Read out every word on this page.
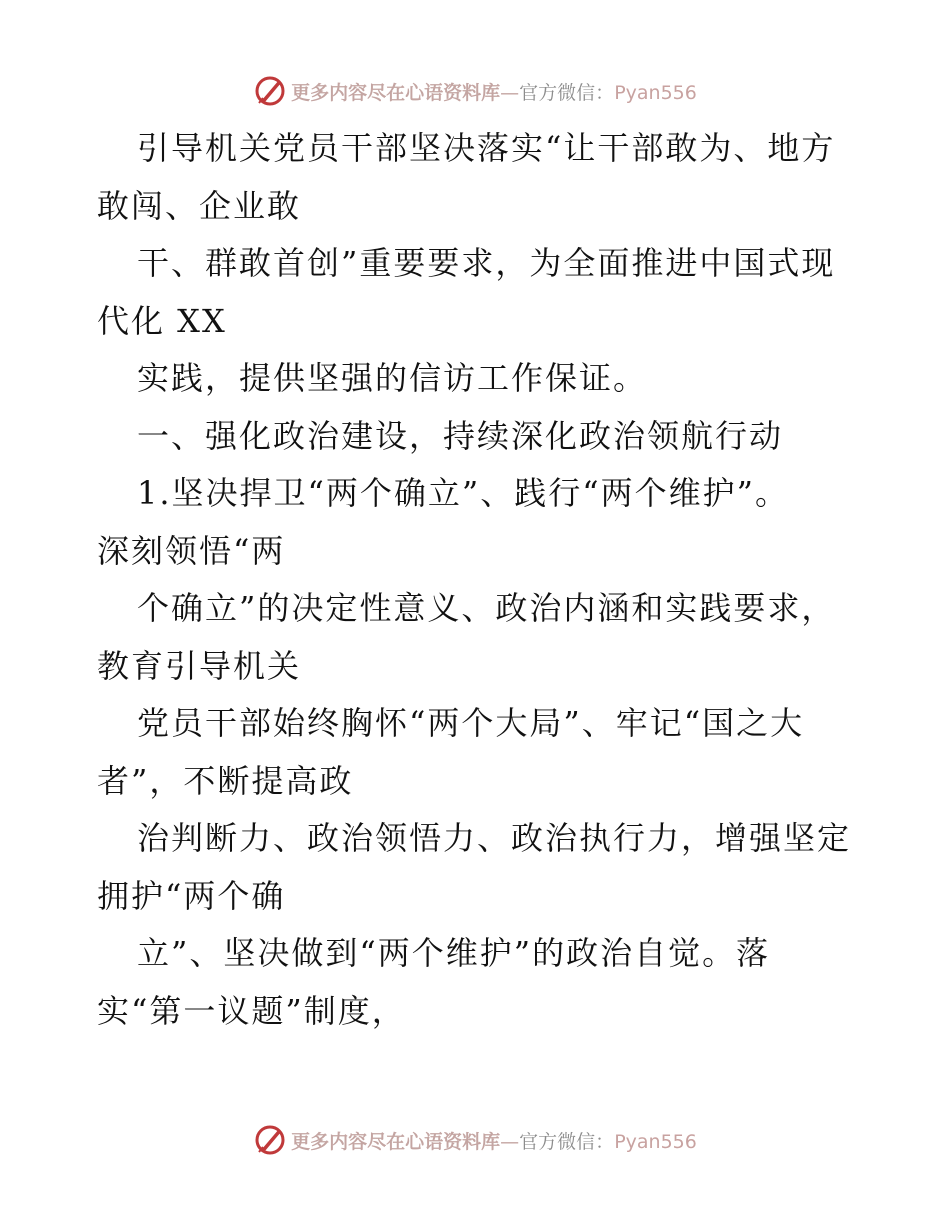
更多内容尽在心语资料库—官方微信：Pyan556
引导机关党员干部坚决落实“让干部敢为、地方
敢闯、企业敢
干、群敢首创”重要要求，为全面推进中国式现
代化 XX
实践，提供坚强的信访工作保证。
一、强化政治建设，持续深化政治领航行动
1.坚决捍卫“两个确立”、践行“两个维护”。
深刻领悟“两
个确立”的决定性意义、政治内涵和实践要求，
教育引导机关
党员干部始终胸怀“两个大局”、牢记“国之大
者”，不断提高政
治判断力、政治领悟力、政治执行力，增强坚定
拥护“两个确
立”、坚决做到“两个维护”的政治自觉。落
实“第一议题”制度，
更多内容尽在心语资料库—官方微信：Pyan556
